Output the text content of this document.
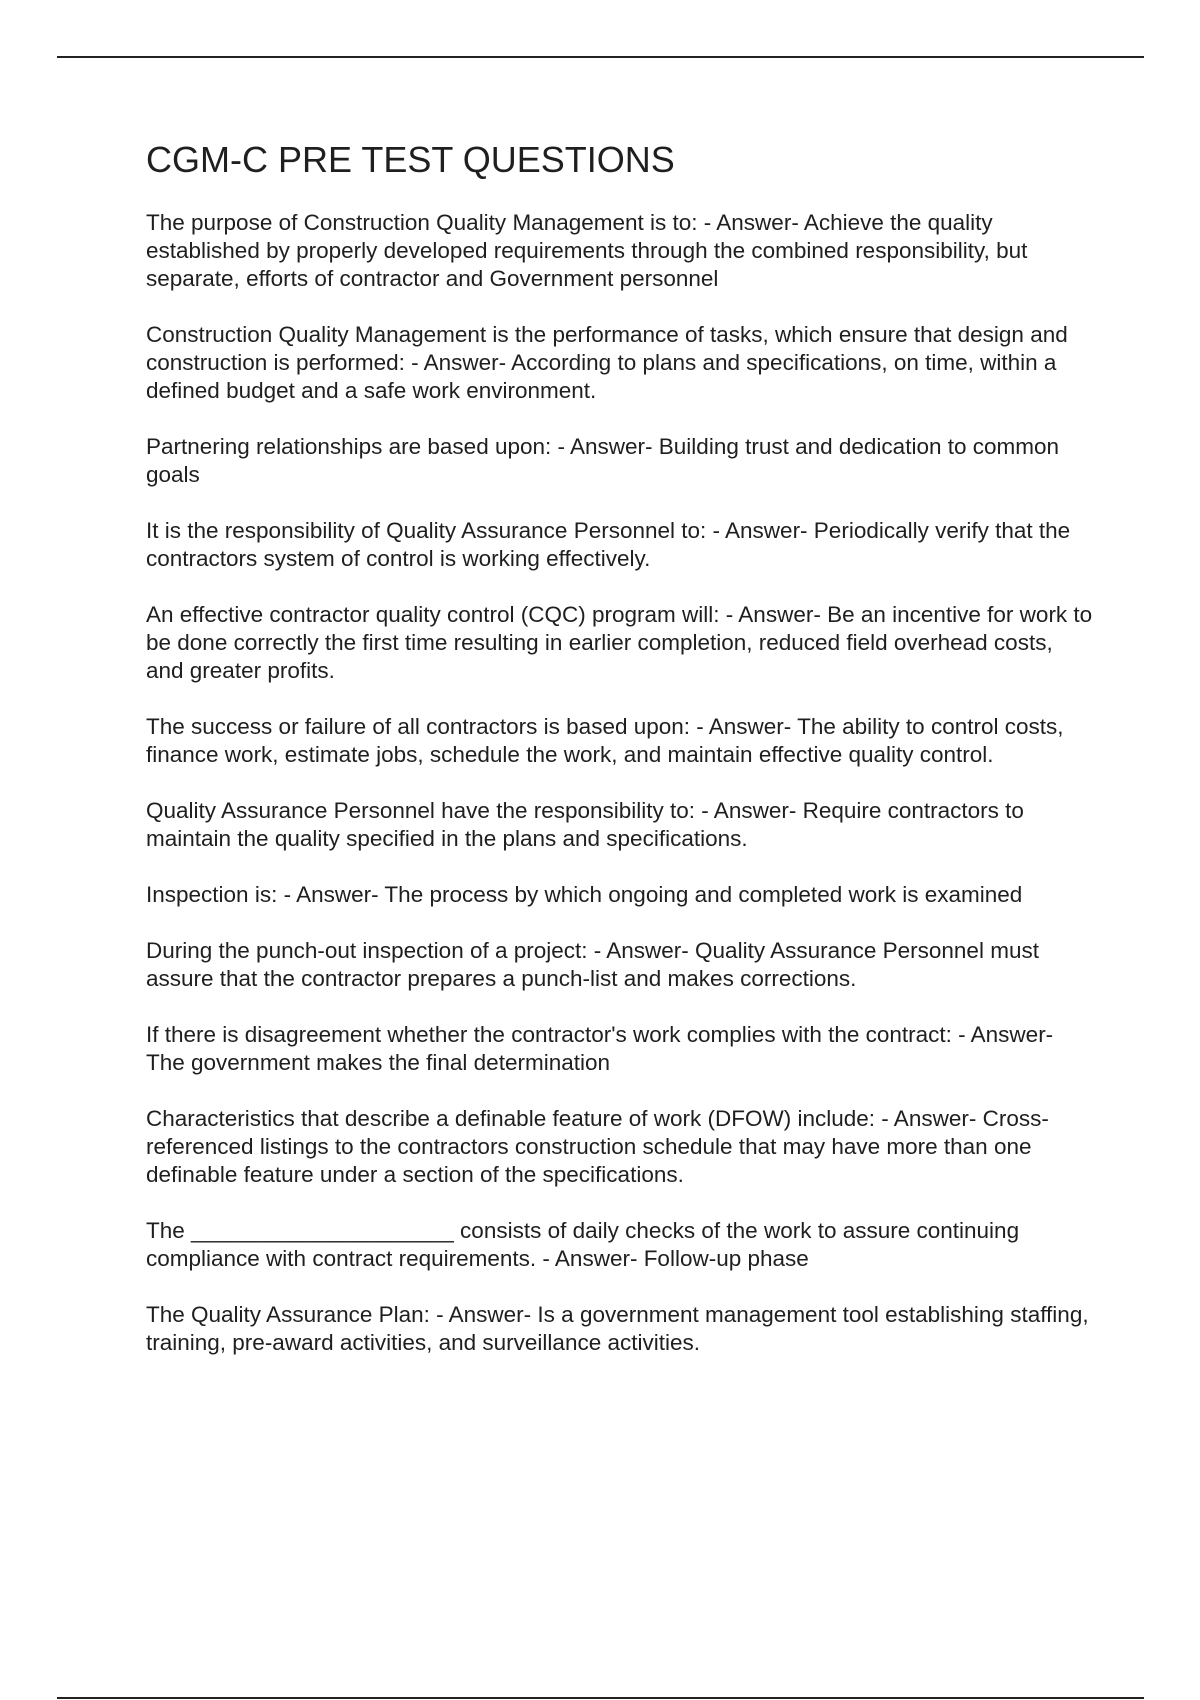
CGM-C PRE TEST QUESTIONS

The purpose of Construction Quality Management is to: - Answer- Achieve the quality established by properly developed requirements through the combined responsibility, but separate, efforts of contractor and Government personnel

Construction Quality Management is the performance of tasks, which ensure that design and construction is performed: - Answer- According to plans and specifications, on time, within a defined budget and a safe work environment.

Partnering relationships are based upon: - Answer- Building trust and dedication to common goals

It is the responsibility of Quality Assurance Personnel to: - Answer- Periodically verify that the contractors system of control is working effectively.

An effective contractor quality control (CQC) program will: - Answer- Be an incentive for work to be done correctly the first time resulting in earlier completion, reduced field overhead costs, and greater profits.

The success or failure of all contractors is based upon: - Answer- The ability to control costs, finance work, estimate jobs, schedule the work, and maintain effective quality control.

Quality Assurance Personnel have the responsibility to: - Answer- Require contractors to maintain the quality specified in the plans and specifications.

Inspection is: - Answer- The process by which ongoing and completed work is examined

During the punch-out inspection of a project: - Answer- Quality Assurance Personnel must assure that the contractor prepares a punch-list and makes corrections.

If there is disagreement whether the contractor's work complies with the contract: - Answer- The government makes the final determination

Characteristics that describe a definable feature of work (DFOW) include: - Answer- Cross-referenced listings to the contractors construction schedule that may have more than one definable feature under a section of the specifications.

The _____________________ consists of daily checks of the work to assure continuing compliance with contract requirements. - Answer- Follow-up phase

The Quality Assurance Plan: - Answer- Is a government management tool establishing staffing, training, pre-award activities, and surveillance activities.
